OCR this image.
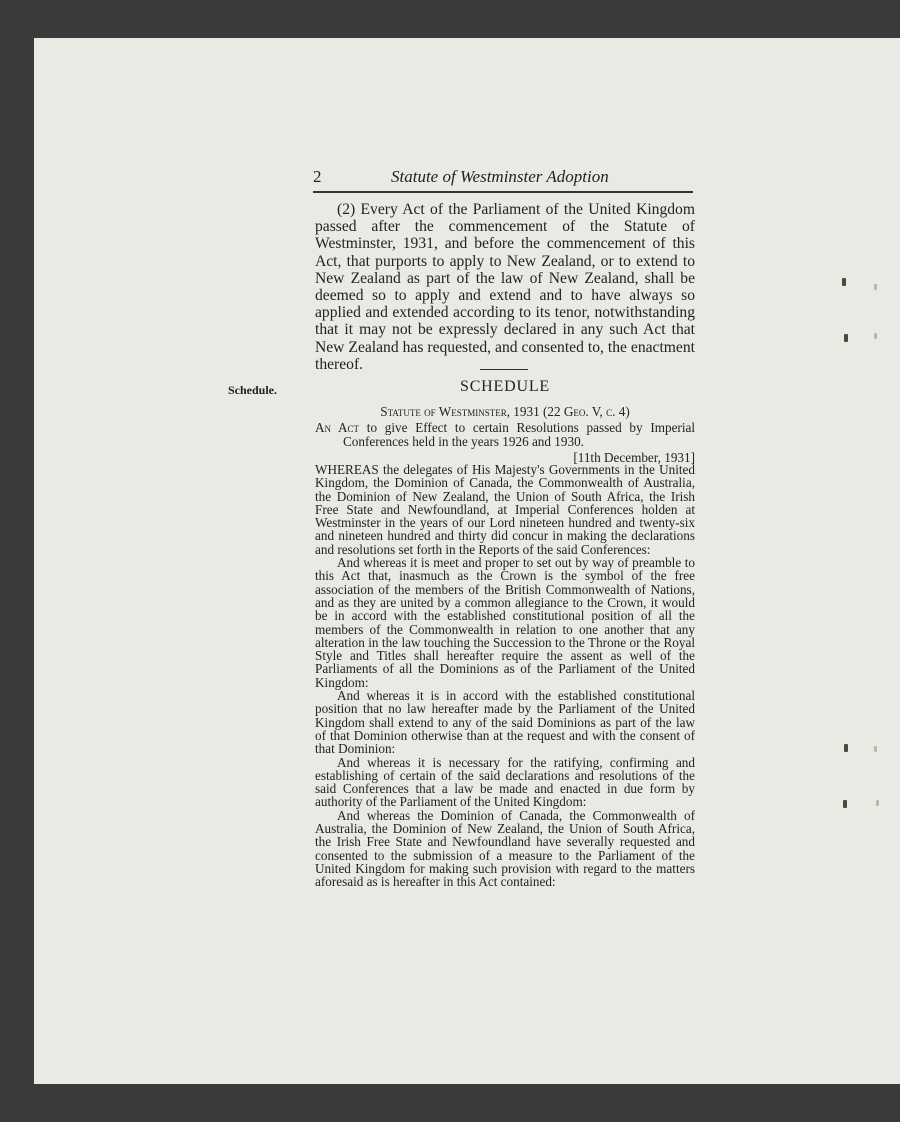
2	Statute of Westminster Adoption
(2) Every Act of the Parliament of the United Kingdom passed after the commencement of the Statute of Westminster, 1931, and before the commencement of this Act, that purports to apply to New Zealand, or to extend to New Zealand as part of the law of New Zealand, shall be deemed so to apply and extend and to have always so applied and extended according to its tenor, notwithstanding that it may not be expressly declared in any such Act that New Zealand has requested, and consented to, the enactment thereof.
Schedule.	SCHEDULE
Statute of Westminster, 1931 (22 Geo. V, c. 4)
An Act to give Effect to certain Resolutions passed by Imperial Conferences held in the years 1926 and 1930.
[11th December, 1931]

WHEREAS the delegates of His Majesty's Governments in the United Kingdom, the Dominion of Canada, the Commonwealth of Australia, the Dominion of New Zealand, the Union of South Africa, the Irish Free State and Newfoundland, at Imperial Conferences holden at Westminster in the years of our Lord nineteen hundred and twenty-six and nineteen hundred and thirty did concur in making the declarations and resolutions set forth in the Reports of the said Conferences:

And whereas it is meet and proper to set out by way of preamble to this Act that, inasmuch as the Crown is the symbol of the free association of the members of the British Commonwealth of Nations, and as they are united by a common allegiance to the Crown, it would be in accord with the established constitutional position of all the members of the Commonwealth in relation to one another that any alteration in the law touching the Succession to the Throne or the Royal Style and Titles shall hereafter require the assent as well of the Parliaments of all the Dominions as of the Parliament of the United Kingdom:

And whereas it is in accord with the established constitutional position that no law hereafter made by the Parliament of the United Kingdom shall extend to any of the said Dominions as part of the law of that Dominion otherwise than at the request and with the consent of that Dominion:

And whereas it is necessary for the ratifying, confirming and establishing of certain of the said declarations and resolutions of the said Conferences that a law be made and enacted in due form by authority of the Parliament of the United Kingdom:

And whereas the Dominion of Canada, the Commonwealth of Australia, the Dominion of New Zealand, the Union of South Africa, the Irish Free State and Newfoundland have severally requested and consented to the submission of a measure to the Parliament of the United Kingdom for making such provision with regard to the matters aforesaid as is hereafter in this Act contained:
